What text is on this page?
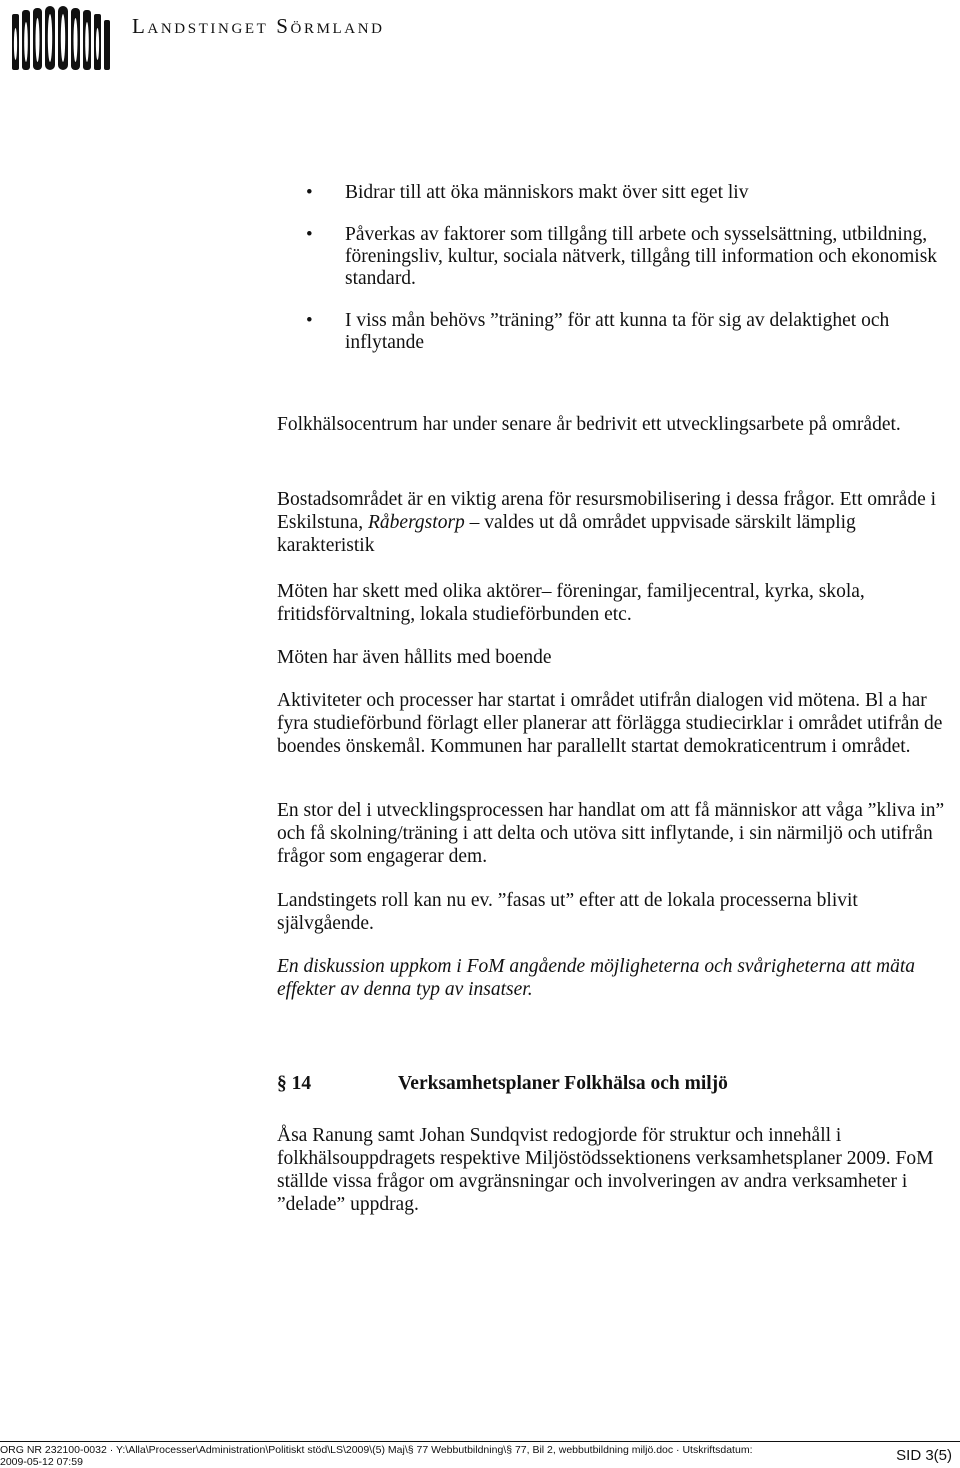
Landstinget Sörmland
• Bidrar till att öka människors makt över sitt eget liv
• Påverkas av faktorer som tillgång till arbete och sysselsättning, utbildning, föreningsliv, kultur, sociala nätverk, tillgång till information och ekonomisk standard.
• I viss mån behövs ”träning” för att kunna ta för sig av delaktighet och inflytande

Folkhälsocentrum har under senare år bedrivit ett utvecklingsarbete på området.

Bostadsområdet är en viktig arena för resursmobilisering i dessa frågor. Ett område i Eskilstuna, Råbergstorp – valdes ut då området uppvisade särskilt lämplig karakteristik

Möten har skett med olika aktörer– föreningar, familjecentral, kyrka, skola, fritidsförvaltning, lokala studieförbunden etc.

Möten har även hållits med boende

Aktiviteter och processer har startat i området utifrån dialogen vid mötena. Bl a har fyra studieförbund förlagt eller planerar att förlägga studiecirklar i området utifrån de boendes önskemål. Kommunen har parallellt startat demokraticentrum i området.

En stor del i utvecklingsprocessen har handlat om att få människor att våga ”kliva in” och få skolning/träning i att delta och utöva sitt inflytande, i sin närmiljö och utifrån frågor som engagerar dem.

Landstingets roll kan nu ev. ”fasas ut” efter att de lokala processerna blivit självgående.

En diskussion uppkom i FoM angående möjligheterna och svårigheterna att mäta effekter av denna typ av insatser.

§ 14	Verksamhetsplaner Folkhälsa och miljö

Åsa Ranung samt Johan Sundqvist redogjorde för struktur och innehåll i folkhälsouppdragets respektive Miljöstödssektionens verksamhetsplaner 2009. FoM ställde vissa frågor om avgränsningar och involveringen av andra verksamheter i ”delade” uppdrag.

ORG NR 232100-0032 · Y:\Alla\Processer\Administration\Politiskt stöd\LS\2009\(5) Maj\§ 77 Webbutbildning\§ 77, Bil 2, webbutbildning miljö.doc · Utskriftsdatum: 2009-05-12 07:59	SID 3(5)
